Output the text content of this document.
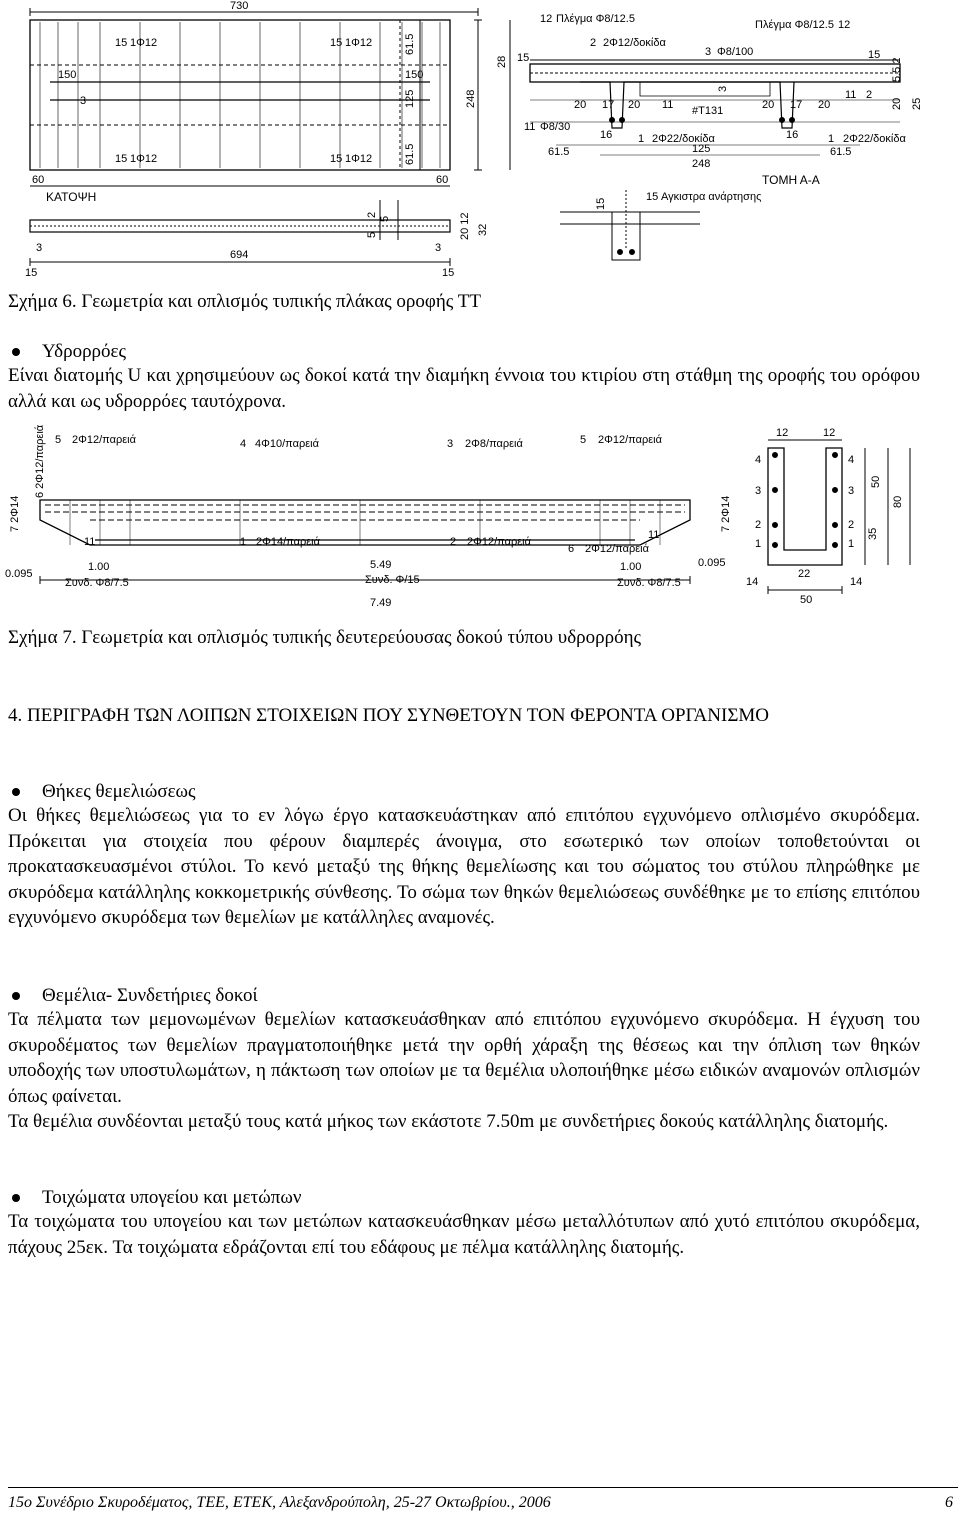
730
15 1Φ12	15 1Φ12
150	150
3
15 1Φ12	15 1Φ12
60	60
ΚΑΤΟΨΗ
61.5
125
61.5
248
28
3	3
694
15	15
5
2
5
20 12
32
12 Πλέγμα Φ8/12.5	Πλέγμα Φ8/12.5 12
2 2Φ12/δοκίδα
3 Φ8/100
15	15
20 17 20 11 #T131
3
20 17 20
11 2
11 Φ8/30
16 1 2Φ22/δοκίδα	16	1 2Φ22/δοκίδα
61.5	125	61.5
248
ΤΟΜΗ Α-Α
15
15 Αγκιστρα ανάρτησης
5.5 2
20 25
5 2Φ12/παρειά	4 4Φ10/παρειά	3 2Φ8/παρειά	5 2Φ12/παρειά
6 2Φ12/παρειά
7 2Φ14
7 2Φ14
11	1 2Φ14/παρειά	2 2Φ12/παρειά
11
6 2Φ12/παρειά
0.095
1.00
Συνδ. Φ8/7.5
5.49
Συνδ. Φ/15
1.00
Συνδ. Φ8/7.5
0.095
7.49
12	12
4
3
2
1
4
3
2
1
14
22
14
50
50
35
80
Σχήμα 6. Γεωμετρία και οπλισμός τυπικής πλάκας οροφής ΤΤ
Υδρορρόες
Είναι διατομής U και χρησιμεύουν ως δοκοί κατά την διαμήκη έννοια του κτιρίου στη στάθμη της οροφής του ορόφου αλλά και ως υδρορρόες ταυτόχρονα.
Σχήμα 7. Γεωμετρία και οπλισμός τυπικής δευτερεύουσας δοκού τύπου υδρορρόης
4. ΠΕΡΙΓΡΑΦΗ ΤΩΝ ΛΟΙΠΩΝ ΣΤΟΙΧΕΙΩΝ ΠΟΥ ΣΥΝΘΕΤΟΥΝ ΤΟΝ ΦΕΡΟΝΤΑ ΟΡΓΑΝΙΣΜΟ
Θήκες θεμελιώσεως
Οι θήκες θεμελιώσεως για το εν λόγω έργο κατασκευάστηκαν από επιτόπου εγχυνόμενο οπλισμένο σκυρόδεμα. Πρόκειται για στοιχεία που φέρουν διαμπερές άνοιγμα, στο εσωτερικό των οποίων τοποθετούνται οι προκατασκευασμένοι στύλοι. Το κενό μεταξύ της θήκης θεμελίωσης και του σώματος του στύλου πληρώθηκε με σκυρόδεμα κατάλληλης κοκκομετρικής σύνθεσης. Το σώμα των θηκών θεμελιώσεως συνδέθηκε με το επίσης επιτόπου εγχυνόμενο σκυρόδεμα των θεμελίων με κατάλληλες αναμονές.
Θεμέλια- Συνδετήριες δοκοί
Τα πέλματα των μεμονωμένων θεμελίων κατασκευάσθηκαν από επιτόπου εγχυνόμενο σκυρόδεμα. Η έγχυση του σκυροδέματος των θεμελίων πραγματοποιήθηκε μετά την ορθή χάραξη της θέσεως και την όπλιση των θηκών υποδοχής των υποστυλωμάτων, η πάκτωση των οποίων με τα θεμέλια υλοποιήθηκε μέσω ειδικών αναμονών οπλισμών όπως φαίνεται.
Τα θεμέλια συνδέονται μεταξύ τους κατά μήκος των εκάστοτε 7.50m με συνδετήριες δοκούς κατάλληλης διατομής.
Τοιχώματα υπογείου και μετώπων
Τα τοιχώματα του υπογείου και των μετώπων κατασκευάσθηκαν μέσω μεταλλότυπων από χυτό επιτόπου σκυρόδεμα, πάχους 25εκ. Τα τοιχώματα εδράζονται επί του εδάφους με πέλμα κατάλληλης διατομής.
15ο Συνέδριο Σκυροδέματος, ΤΕΕ, ΕΤΕΚ, Αλεξανδρούπολη, 25-27 Οκτωβρίου., 2006	6
